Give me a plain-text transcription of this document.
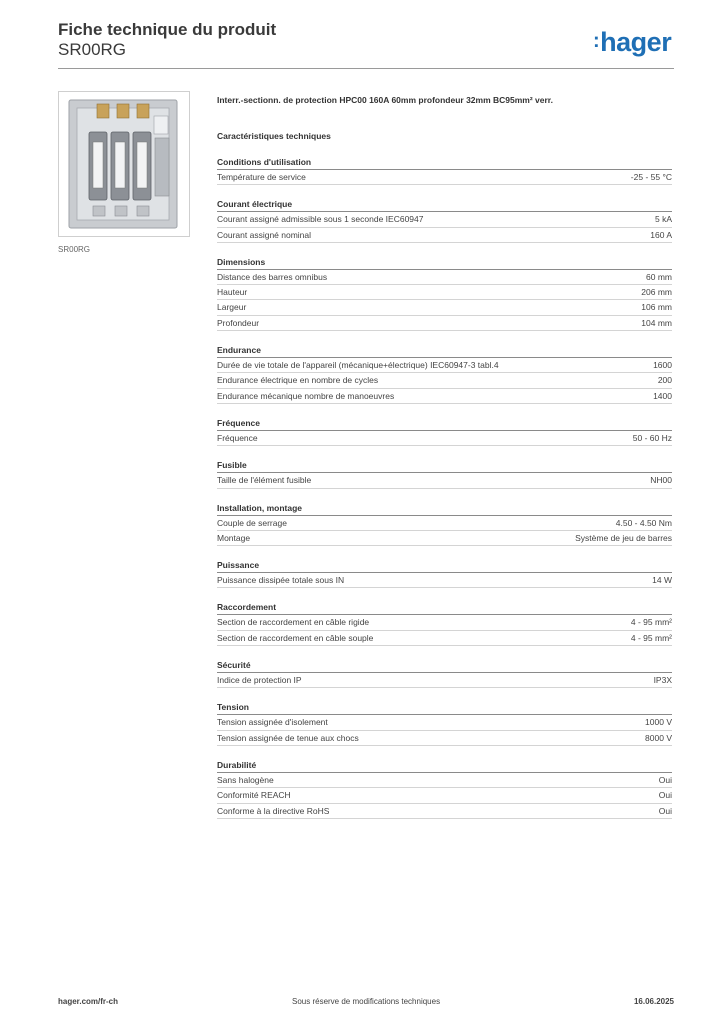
Fiche technique du produit
SR00RG	:hager
SR00RG
Interr.-sectionn. de protection HPC00 160A 60mm profondeur 32mm BC95mm² verr.
Caractéristiques techniques
Conditions d'utilisation
Température de service	-25 - 55 °C
Courant électrique
Courant assigné admissible sous 1 seconde IEC60947	5 kA
Courant assigné nominal	160 A
Dimensions
Distance des barres omnibus	60 mm
Hauteur	206 mm
Largeur	106 mm
Profondeur	104 mm
Endurance
Durée de vie totale de l'appareil (mécanique+électrique) IEC60947-3 tabl.4	1600
Endurance électrique en nombre de cycles	200
Endurance mécanique nombre de manoeuvres	1400
Fréquence
Fréquence	50 - 60 Hz
Fusible
Taille de l'élément fusible	NH00
Installation, montage
Couple de serrage	4.50 - 4.50 Nm
Montage	Système de jeu de barres
Puissance
Puissance dissipée totale sous IN	14 W
Raccordement
Section de raccordement en câble rigide	4 - 95 mm²
Section de raccordement en câble souple	4 - 95 mm²
Sécurité
Indice de protection IP	IP3X
Tension
Tension assignée d'isolement	1000 V
Tension assignée de tenue aux chocs	8000 V
Durabilité
Sans halogène	Oui
Conformité REACH	Oui
Conforme à la directive RoHS	Oui
hager.com/fr-ch	Sous réserve de modifications techniques	16.06.2025
